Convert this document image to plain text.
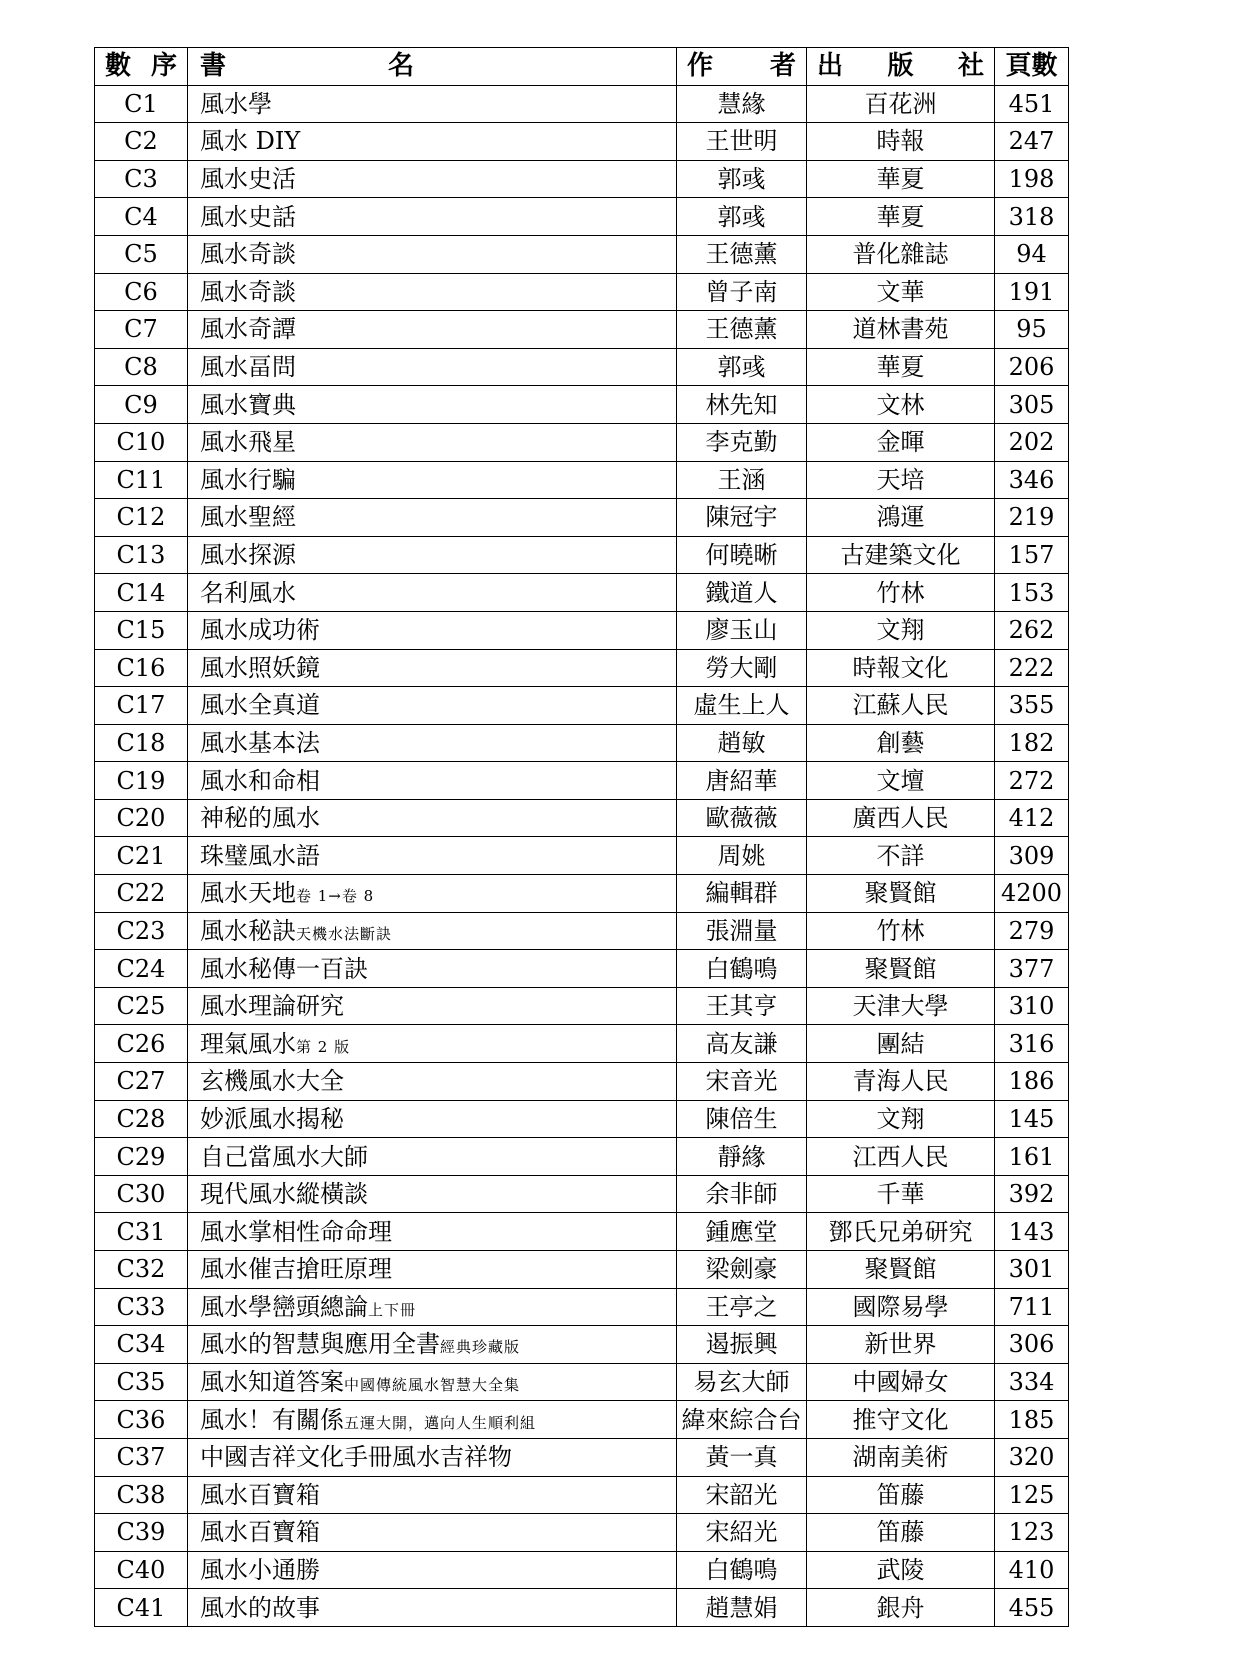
數 序	書 名	作 者	出 版 社	頁數
C1	風水學	慧緣	百花洲	451
C2	風水 DIY	王世明	時報	247
C3	風水史活	郭彧	華夏	198
C4	風水史話	郭彧	華夏	318
C5	風水奇談	王德薰	普化雜誌	94
C6	風水奇談	曾子南	文華	191
C7	風水奇譚	王德薰	道林書苑	95
C8	風水畐問	郭彧	華夏	206
C9	風水寶典	林先知	文林	305
C10	風水飛星	李克勤	金暉	202
C11	風水行騙	王涵	天培	346
C12	風水聖經	陳冠宇	鴻運	219
C13	風水探源	何曉晰	古建築文化	157
C14	名利風水	鐵道人	竹林	153
C15	風水成功術	廖玉山	文翔	262
C16	風水照妖鏡	勞大剛	時報文化	222
C17	風水全真道	虛生上人	江蘇人民	355
C18	風水基本法	趙敏	創藝	182
C19	風水和命相	唐紹華	文壇	272
C20	神秘的風水	歐薇薇	廣西人民	412
C21	珠璧風水語	周姚	不詳	309
C22	風水天地卷 1→卷 8	編輯群	聚賢館	4200
C23	風水秘訣天機水法斷訣	張淵量	竹林	279
C24	風水秘傳一百訣	白鶴鳴	聚賢館	377
C25	風水理論研究	王其亨	天津大學	310
C26	理氣風水第 2 版	高友謙	團結	316
C27	玄機風水大全	宋音光	青海人民	186
C28	妙派風水揭秘	陳倍生	文翔	145
C29	自己當風水大師	靜緣	江西人民	161
C30	現代風水縱橫談	余非師	千華	392
C31	風水掌相性命命理	鍾應堂	鄧氏兄弟研究	143
C32	風水催吉搶旺原理	梁劍豪	聚賢館	301
C33	風水學巒頭總論上下冊	王亭之	國際易學	711
C34	風水的智慧與應用全書經典珍藏版	遏振興	新世界	306
C35	風水知道答案中國傳統風水智慧大全集	易玄大師	中國婦女	334
C36	風水！有關係五運大開，邁向人生順利組	緯來綜合台	推守文化	185
C37	中國吉祥文化手冊風水吉祥物	黃一真	湖南美術	320
C38	風水百寶箱	宋韶光	笛藤	125
C39	風水百寶箱	宋紹光	笛藤	123
C40	風水小通勝	白鶴鳴	武陵	410
C41	風水的故事	趙慧娟	銀舟	455
